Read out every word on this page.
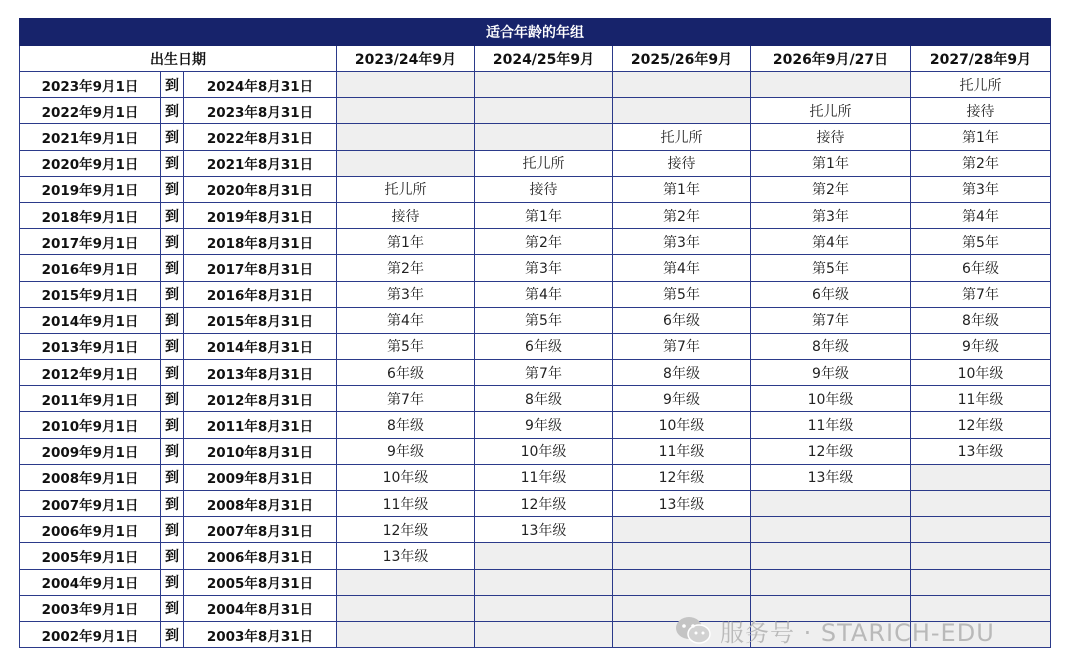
适合年龄的年组							
出生日期			2023/24年9月	2024/25年9月	2025/26年9月	2026年9月/27日	2027/28年9月
2023年9月1日	到	2024年8月31日					托儿所
2022年9月1日	到	2023年8月31日				托儿所	接待
2021年9月1日	到	2022年8月31日			托儿所	接待	第1年
2020年9月1日	到	2021年8月31日		托儿所	接待	第1年	第2年
2019年9月1日	到	2020年8月31日	托儿所	接待	第1年	第2年	第3年
2018年9月1日	到	2019年8月31日	接待	第1年	第2年	第3年	第4年
2017年9月1日	到	2018年8月31日	第1年	第2年	第3年	第4年	第5年
2016年9月1日	到	2017年8月31日	第2年	第3年	第4年	第5年	6年级
2015年9月1日	到	2016年8月31日	第3年	第4年	第5年	6年级	第7年
2014年9月1日	到	2015年8月31日	第4年	第5年	6年级	第7年	8年级
2013年9月1日	到	2014年8月31日	第5年	6年级	第7年	8年级	9年级
2012年9月1日	到	2013年8月31日	6年级	第7年	8年级	9年级	10年级
2011年9月1日	到	2012年8月31日	第7年	8年级	9年级	10年级	11年级
2010年9月1日	到	2011年8月31日	8年级	9年级	10年级	11年级	12年级
2009年9月1日	到	2010年8月31日	9年级	10年级	11年级	12年级	13年级
2008年9月1日	到	2009年8月31日	10年级	11年级	12年级	13年级	
2007年9月1日	到	2008年8月31日	11年级	12年级	13年级		
2006年9月1日	到	2007年8月31日	12年级	13年级			
2005年9月1日	到	2006年8月31日	13年级				
2004年9月1日	到	2005年8月31日					
2003年9月1日	到	2004年8月31日					
2002年9月1日	到	2003年8月31日						服务号 · STARICH-EDU
